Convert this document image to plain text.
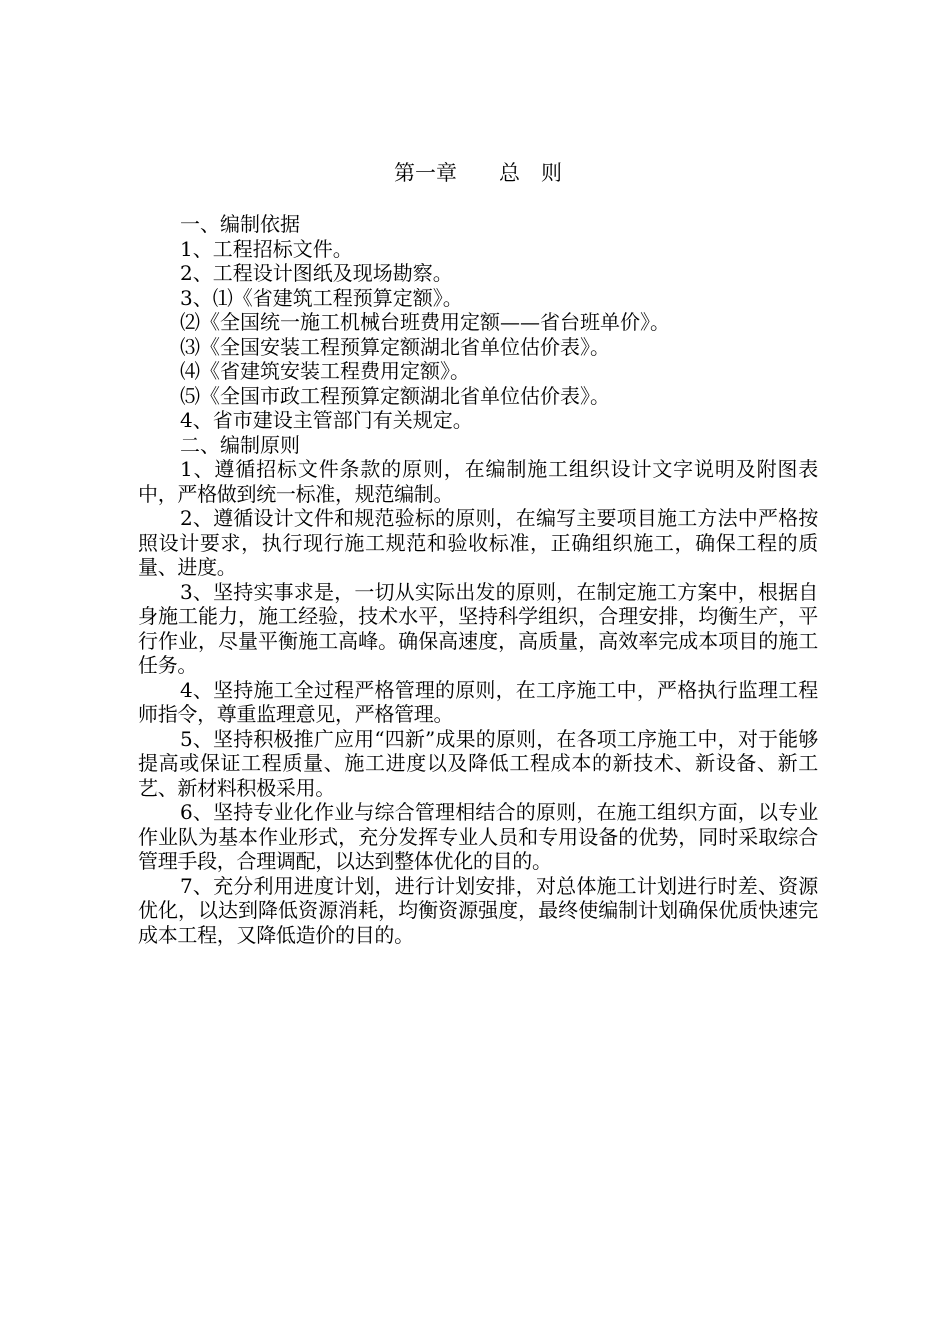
第一章　　总　则

一、编制依据

1、工程招标文件。

2、工程设计图纸及现场勘察。

3、⑴《省建筑工程预算定额》。

⑵《全国统一施工机械台班费用定额——省台班单价》。

⑶《全国安装工程预算定额湖北省单位估价表》。

⑷《省建筑安装工程费用定额》。

⑸《全国市政工程预算定额湖北省单位估价表》。

4、省市建设主管部门有关规定。

二、编制原则

1、遵循招标文件条款的原则，在编制施工组织设计文字说明及附图表中，严格做到统一标准，规范编制。

2、遵循设计文件和规范验标的原则，在编写主要项目施工方法中严格按照设计要求，执行现行施工规范和验收标准，正确组织施工，确保工程的质量、进度。

3、坚持实事求是，一切从实际出发的原则，在制定施工方案中，根据自身施工能力，施工经验，技术水平，坚持科学组织，合理安排，均衡生产，平行作业，尽量平衡施工高峰。确保高速度，高质量，高效率完成本项目的施工任务。

4、坚持施工全过程严格管理的原则，在工序施工中，严格执行监理工程师指令，尊重监理意见，严格管理。

5、坚持积极推广应用“四新”成果的原则，在各项工序施工中，对于能够提高或保证工程质量、施工进度以及降低工程成本的新技术、新设备、新工艺、新材料积极采用。

6、坚持专业化作业与综合管理相结合的原则，在施工组织方面，以专业作业队为基本作业形式，充分发挥专业人员和专用设备的优势，同时采取综合管理手段，合理调配，以达到整体优化的目的。

7、充分利用进度计划，进行计划安排，对总体施工计划进行时差、资源优化，以达到降低资源消耗，均衡资源强度，最终使编制计划确保优质快速完成本工程，又降低造价的目的。
